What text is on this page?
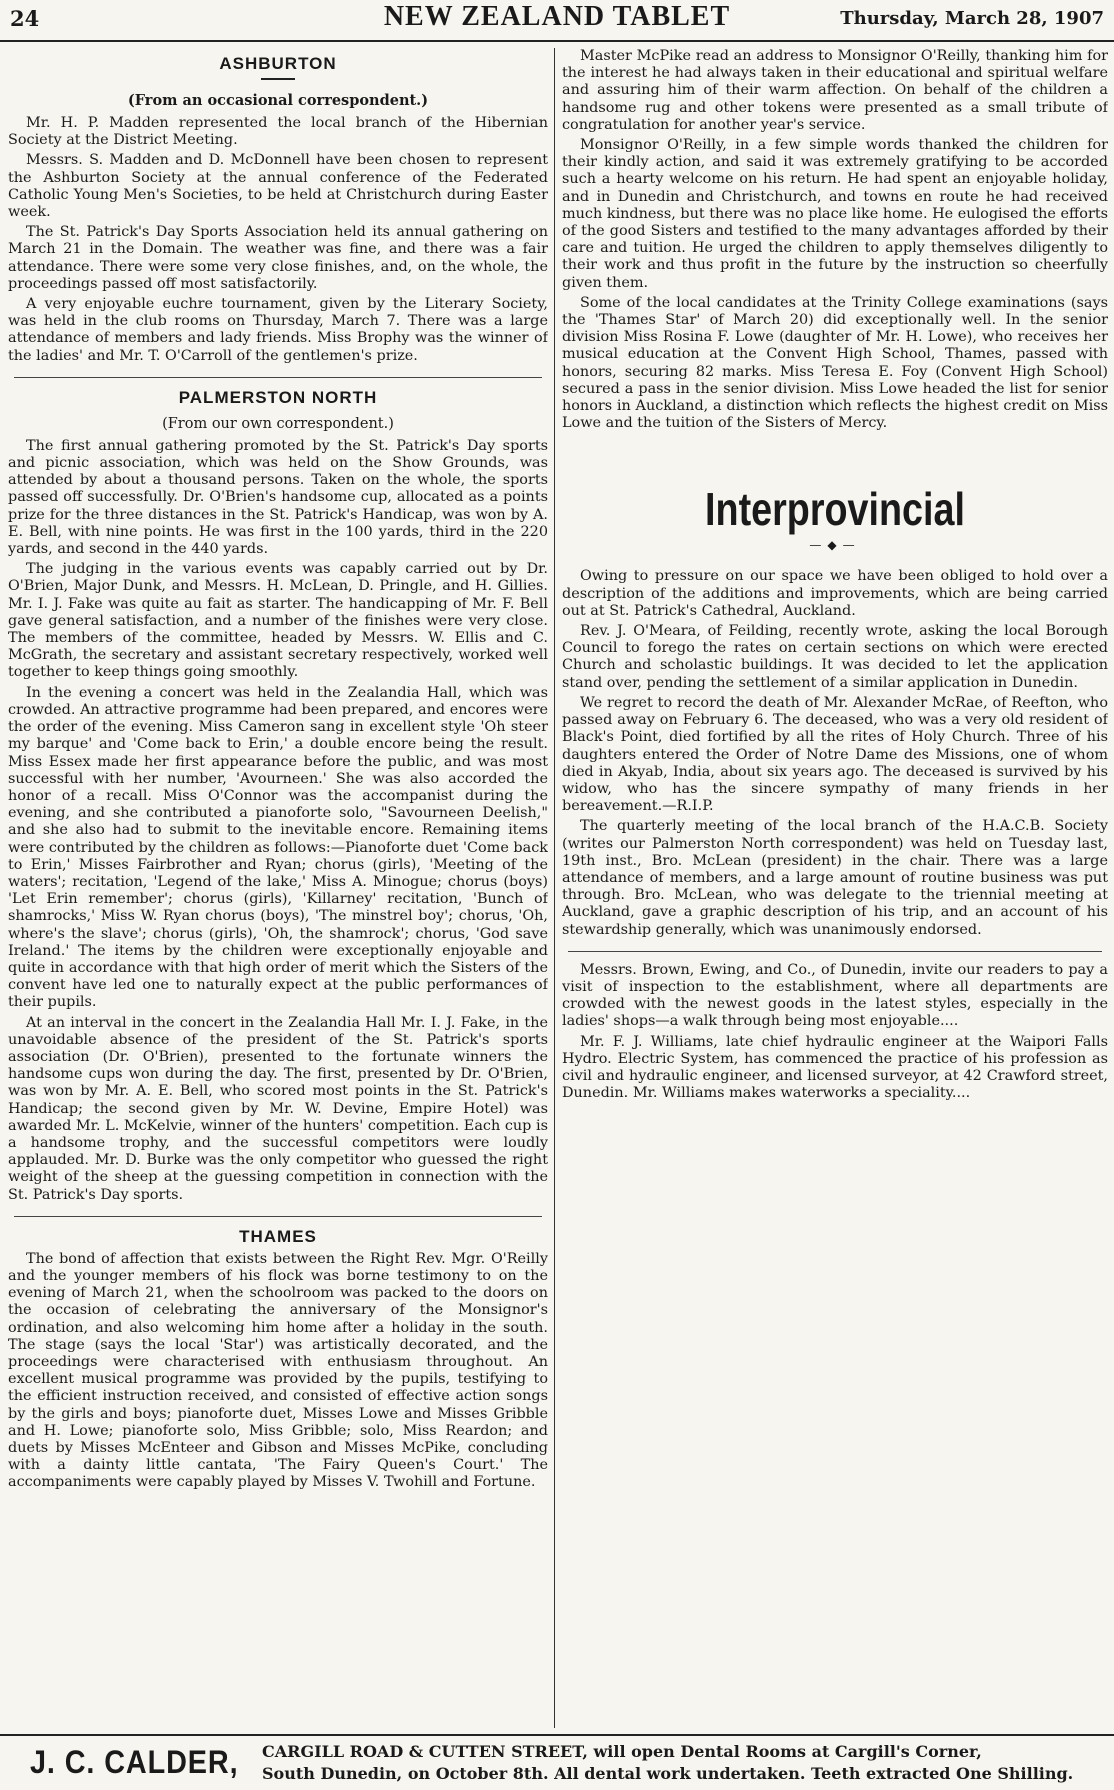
24	NEW ZEALAND TABLET	Thursday, March 28, 1907
ASHBURTON
(From an occasional correspondent.)

Mr. H. P. Madden represented the local branch of the Hibernian Society at the District Meeting.

Messrs. S. Madden and D. McDonnell have been chosen to represent the Ashburton Society at the annual conference of the Federated Catholic Young Men's Societies, to be held at Christchurch during Easter week.

The St. Patrick's Day Sports Association held its annual gathering on March 21 in the Domain. The weather was fine, and there was a fair attendance. There were some very close finishes, and, on the whole, the proceedings passed off most satisfactorily.

A very enjoyable euchre tournament, given by the Literary Society, was held in the club rooms on Thursday, March 7. There was a large attendance of members and lady friends. Miss Brophy was the winner of the ladies' and Mr. T. O'Carroll of the gentlemen's prize.

PALMERSTON NORTH
(From our own correspondent.)

The first annual gathering promoted by the St. Patrick's Day sports and picnic association, which was held on the Show Grounds, was attended by about a thousand persons. Taken on the whole, the sports passed off successfully. Dr. O'Brien's handsome cup, allocated as a points prize for the three distances in the St. Patrick's Handicap, was won by A. E. Bell, with nine points. He was first in the 100 yards, third in the 220 yards, and second in the 440 yards.

The judging in the various events was capably carried out by Dr. O'Brien, Major Dunk, and Messrs. H. McLean, D. Pringle, and H. Gillies. Mr. I. J. Fake was quite au fait as starter. The handicapping of Mr. F. Bell gave general satisfaction, and a number of the finishes were very close. The members of the committee, headed by Messrs. W. Ellis and C. McGrath, the secretary and assistant secretary respectively, worked well together to keep things going smoothly.

In the evening a concert was held in the Zealandia Hall, which was crowded. An attractive programme had been prepared, and encores were the order of the evening. Miss Cameron sang in excellent style 'Oh steer my barque' and 'Come back to Erin,' a double encore being the result. Miss Essex made her first appearance before the public, and was most successful with her number, 'Avourneen.' She was also accorded the honor of a recall. Miss O'Connor was the accompanist during the evening, and she contributed a pianoforte solo, "Savourneen Deelish," and she also had to submit to the inevitable encore. Remaining items were contributed by the children as follows:—Pianoforte duet 'Come back to Erin,' Misses Fairbrother and Ryan; chorus (girls), 'Meeting of the waters'; recitation, 'Legend of the lake,' Miss A. Minogue; chorus (boys) 'Let Erin remember'; chorus (girls), 'Killarney' recitation, 'Bunch of shamrocks,' Miss W. Ryan chorus (boys), 'The minstrel boy'; chorus, 'Oh, where's the slave'; chorus (girls), 'Oh, the shamrock'; chorus, 'God save Ireland.' The items by the children were exceptionally enjoyable and quite in accordance with that high order of merit which the Sisters of the convent have led one to naturally expect at the public performances of their pupils.

At an interval in the concert in the Zealandia Hall Mr. I. J. Fake, in the unavoidable absence of the president of the St. Patrick's sports association (Dr. O'Brien), presented to the fortunate winners the handsome cups won during the day. The first, presented by Dr. O'Brien, was won by Mr. A. E. Bell, who scored most points in the St. Patrick's Handicap; the second given by Mr. W. Devine, Empire Hotel) was awarded Mr. L. McKelvie, winner of the hunters' competition. Each cup is a handsome trophy, and the successful competitors were loudly applauded. Mr. D. Burke was the only competitor who guessed the right weight of the sheep at the guessing competition in connection with the St. Patrick's Day sports.

THAMES

The bond of affection that exists between the Right Rev. Mgr. O'Reilly and the younger members of his flock was borne testimony to on the evening of March 21, when the schoolroom was packed to the doors on the occasion of celebrating the anniversary of the Monsignor's ordination, and also welcoming him home after a holiday in the south. The stage (says the local 'Star') was artistically decorated, and the proceedings were characterised with enthusiasm throughout. An excellent musical programme was provided by the pupils, testifying to the efficient instruction received, and consisted of effective action songs by the girls and boys; pianoforte duet, Misses Lowe and Misses Gribble and H. Lowe; pianoforte solo, Miss Gribble; solo, Miss Reardon; and duets by Misses McEnteer and Gibson and Misses McPike, concluding with a dainty little cantata, 'The Fairy Queen's Court.' The accompaniments were capably played by Misses V. Twohill and Fortune.

Master McPike read an address to Monsignor O'Reilly, thanking him for the interest he had always taken in their educational and spiritual welfare and assuring him of their warm affection. On behalf of the children a handsome rug and other tokens were presented as a small tribute of congratulation for another year's service.

Monsignor O'Reilly, in a few simple words thanked the children for their kindly action, and said it was extremely gratifying to be accorded such a hearty welcome on his return. He had spent an enjoyable holiday, and in Dunedin and Christchurch, and towns en route he had received much kindness, but there was no place like home. He eulogised the efforts of the good Sisters and testified to the many advantages afforded by their care and tuition. He urged the children to apply themselves diligently to their work and thus profit in the future by the instruction so cheerfully given them.

Some of the local candidates at the Trinity College examinations (says the 'Thames Star' of March 20) did exceptionally well. In the senior division Miss Rosina F. Lowe (daughter of Mr. H. Lowe), who receives her musical education at the Convent High School, Thames, passed with honors, securing 82 marks. Miss Teresa E. Foy (Convent High School) secured a pass in the senior division. Miss Lowe headed the list for senior honors in Auckland, a distinction which reflects the highest credit on Miss Lowe and the tuition of the Sisters of Mercy.

Interprovincial
—◆—

Owing to pressure on our space we have been obliged to hold over a description of the additions and improvements, which are being carried out at St. Patrick's Cathedral, Auckland.

Rev. J. O'Meara, of Feilding, recently wrote, asking the local Borough Council to forego the rates on certain sections on which were erected Church and scholastic buildings. It was decided to let the application stand over, pending the settlement of a similar application in Dunedin.

We regret to record the death of Mr. Alexander McRae, of Reefton, who passed away on February 6. The deceased, who was a very old resident of Black's Point, died fortified by all the rites of Holy Church. Three of his daughters entered the Order of Notre Dame des Missions, one of whom died in Akyab, India, about six years ago. The deceased is survived by his widow, who has the sincere sympathy of many friends in her bereavement.—R.I.P.

The quarterly meeting of the local branch of the H.A.C.B. Society (writes our Palmerston North correspondent) was held on Tuesday last, 19th inst., Bro. McLean (president) in the chair. There was a large attendance of members, and a large amount of routine business was put through. Bro. McLean, who was delegate to the triennial meeting at Auckland, gave a graphic description of his trip, and an account of his stewardship generally, which was unanimously endorsed.

Messrs. Brown, Ewing, and Co., of Dunedin, invite our readers to pay a visit of inspection to the establishment, where all departments are crowded with the newest goods in the latest styles, especially in the ladies' shops—a walk through being most enjoyable....

Mr. F. J. Williams, late chief hydraulic engineer at the Waipori Falls Hydro. Electric System, has commenced the practice of his profession as civil and hydraulic engineer, and licensed surveyor, at 42 Crawford street, Dunedin. Mr. Williams makes waterworks a speciality....

J. C. CALDER, CARGILL ROAD & CUTTEN STREET, will open Dental Rooms at Cargill's Corner,
South Dunedin, on October 8th. All dental work undertaken. Teeth extracted One Shilling.
